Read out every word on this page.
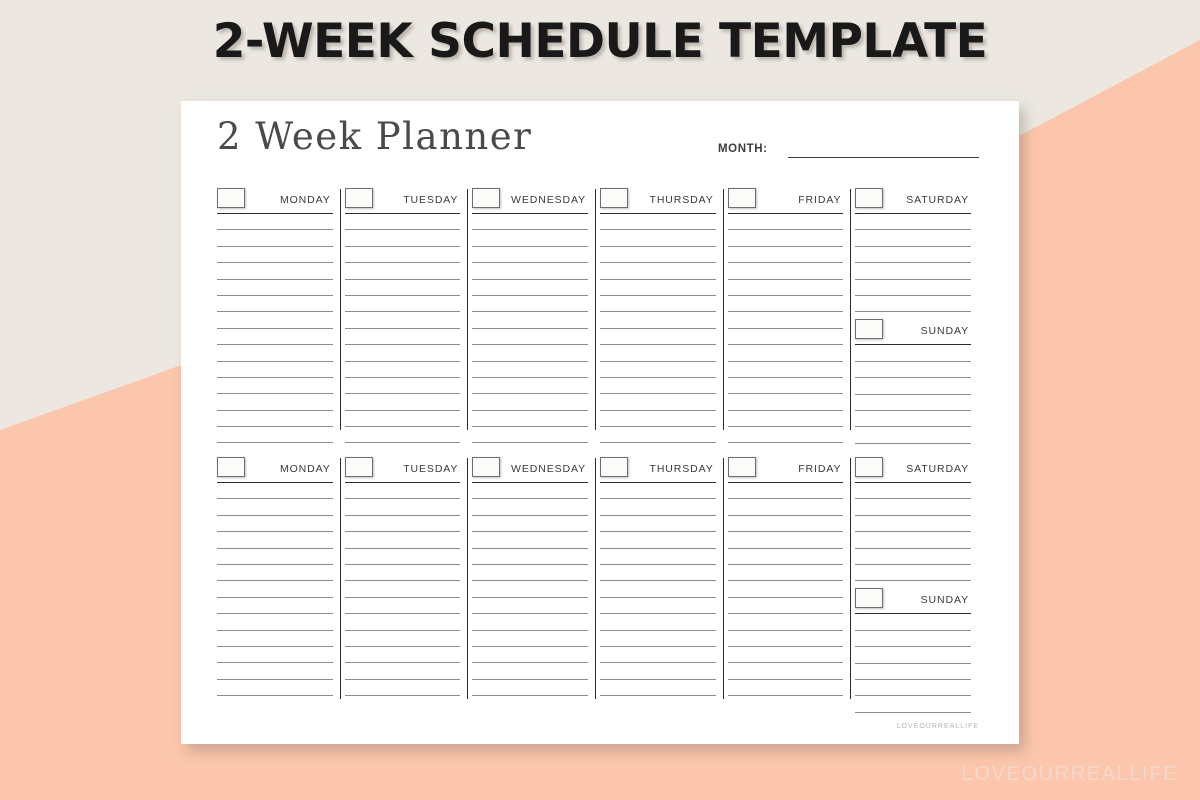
2-WEEK SCHEDULE TEMPLATE
2 Week Planner	MONTH:
MONDAY	TUESDAY	WEDNESDAY	THURSDAY	FRIDAY	SATURDAY
SUNDAY
MONDAY	TUESDAY	WEDNESDAY	THURSDAY	FRIDAY	SATURDAY
SUNDAY
LOVEOURREALLIFE
LOVEOURREALLIFE
